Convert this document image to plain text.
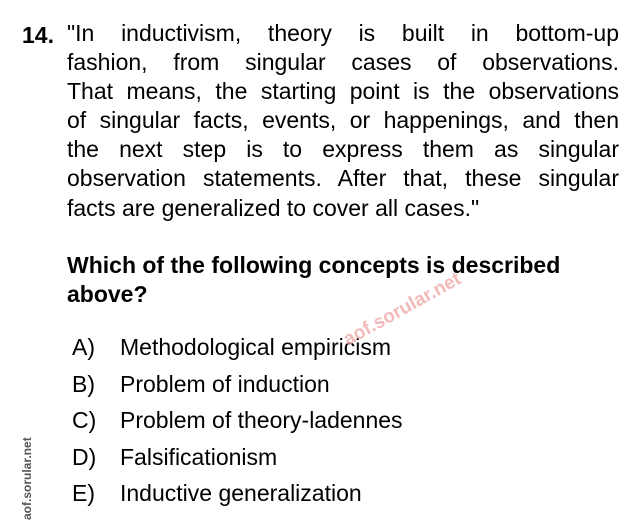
14. "In inductivism, theory is built in bottom-up
fashion, from singular cases of observations.
That means, the starting point is the observations
of singular facts, events, or happenings, and then
the next step is to express them as singular
observation statements. After that, these singular
facts are generalized to cover all cases."
Which of the following concepts is described above?
A)	Methodological empiricism
B)	Problem of induction
C)	Problem of theory-ladennes
D)	Falsificationism
E)	Inductive generalization
aof.sorular.net
aof.sorular.net
